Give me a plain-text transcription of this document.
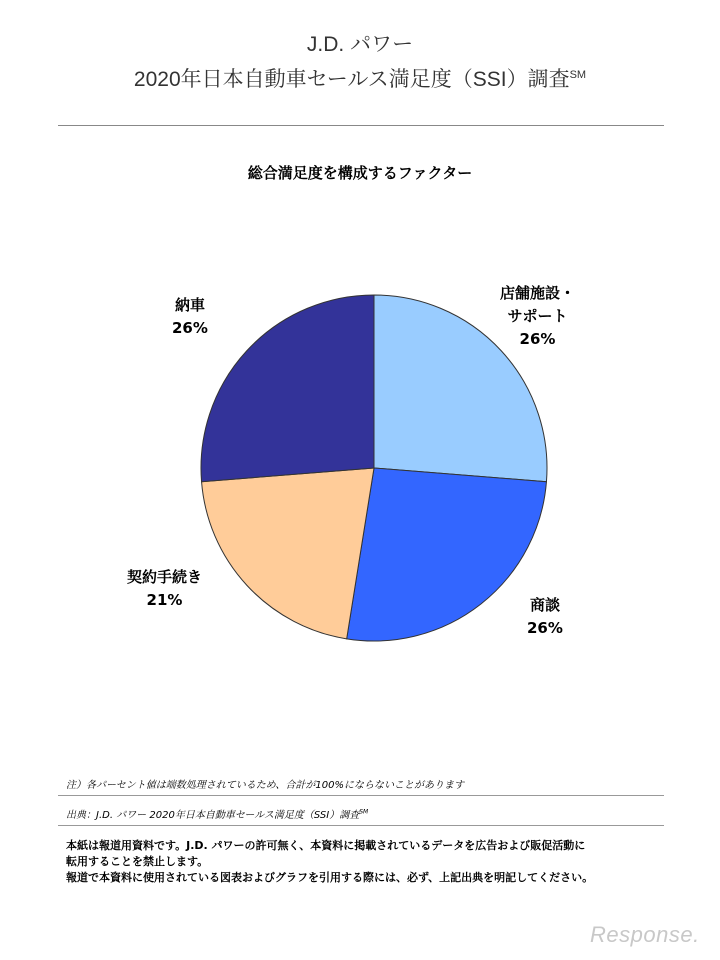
J.D. パワー
2020年日本自動車セールス満足度（SSI）調査℠
総合満足度を構成するファクター
店舗施設・
サポート
26%
商談
26%
契約手続き
21%
納車
26%
注）各パーセント値は端数処理されているため、合計が100%にならないことがあります
出典：J.D. パワー 2020年日本自動車セールス満足度（SSI）調査℠
本紙は報道用資料です。J.D. パワーの許可無く、本資料に掲載されているデータを広告および販促活動に
転用することを禁止します。
報道で本資料に使用されている図表およびグラフを引用する際には、必ず、上記出典を明記してください。
Response.
